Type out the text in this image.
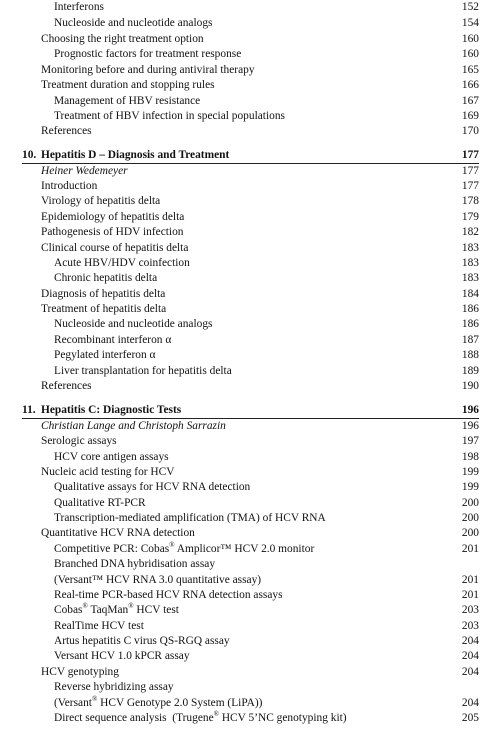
Interferons	152
Nucleoside and nucleotide analogs	154
Choosing the right treatment option	160
Prognostic factors for treatment response	160
Monitoring before and during antiviral therapy	165
Treatment duration and stopping rules	166
Management of HBV resistance	167
Treatment of HBV infection in special populations	169
References	170
10. Hepatitis D – Diagnosis and Treatment	177
Heiner Wedemeyer	177
Introduction	177
Virology of hepatitis delta	178
Epidemiology of hepatitis delta	179
Pathogenesis of HDV infection	182
Clinical course of hepatitis delta	183
Acute HBV/HDV coinfection	183
Chronic hepatitis delta	183
Diagnosis of hepatitis delta	184
Treatment of hepatitis delta	186
Nucleoside and nucleotide analogs	186
Recombinant interferon α	187
Pegylated interferon α	188
Liver transplantation for hepatitis delta	189
References	190
11. Hepatitis C: Diagnostic Tests	196
Christian Lange and Christoph Sarrazin	196
Serologic assays	197
HCV core antigen assays	198
Nucleic acid testing for HCV	199
Qualitative assays for HCV RNA detection	199
Qualitative RT-PCR	200
Transcription-mediated amplification (TMA) of HCV RNA	200
Quantitative HCV RNA detection	200
Competitive PCR: Cobas® Amplicor™ HCV 2.0 monitor	201
Branched DNA hybridisation assay
(Versant™ HCV RNA 3.0 quantitative assay)	201
Real-time PCR-based HCV RNA detection assays	201
Cobas® TaqMan® HCV test	203
RealTime HCV test	203
Artus hepatitis C virus QS-RGQ assay	204
Versant HCV 1.0 kPCR assay	204
HCV genotyping	204
Reverse hybridizing assay
(Versant® HCV Genotype 2.0 System (LiPA))	204
Direct sequence analysis  (Trugene® HCV 5’NC genotyping kit)	205
